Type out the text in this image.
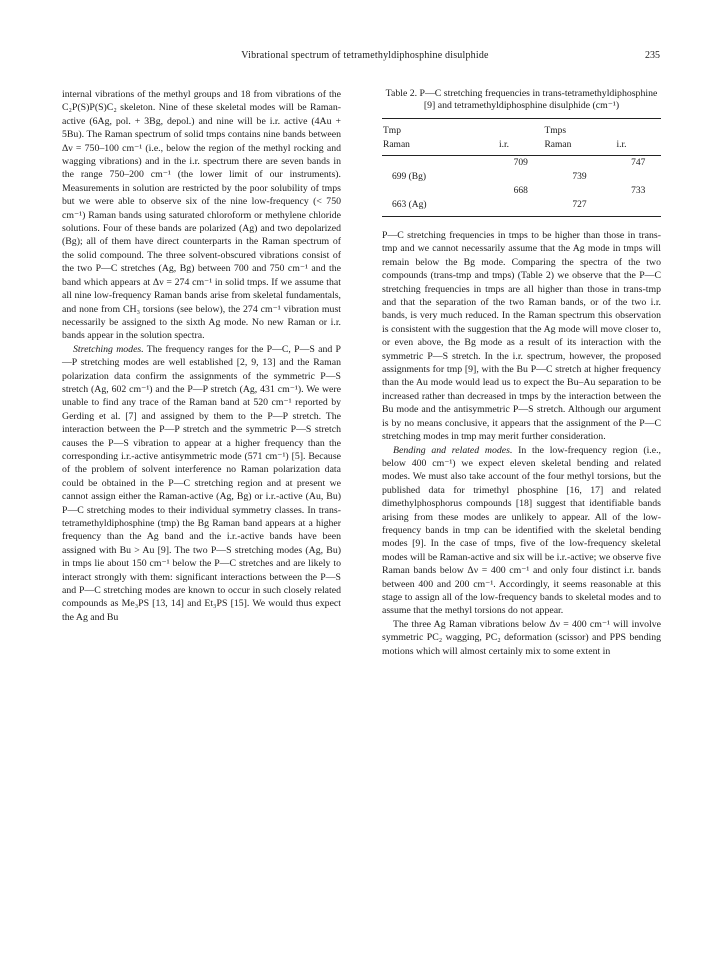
Vibrational spectrum of tetramethyldiphosphine disulphide	235

internal vibrations of the methyl groups and 18 from vibrations of the C₂P(S)P(S)C₂ skeleton. Nine of these skeletal modes will be Raman-active (6Ag, pol. + 3Bg, depol.) and nine will be i.r. active (4Au + 5Bu). The Raman spectrum of solid tmps contains nine bands between Δν = 750–100 cm⁻¹ (i.e., below the region of the methyl rocking and wagging vibrations) and in the i.r. spectrum there are seven bands in the range 750–200 cm⁻¹ (the lower limit of our instruments). Measurements in solution are restricted by the poor solubility of tmps but we were able to observe six of the nine low-frequency (< 750 cm⁻¹) Raman bands using saturated chloroform or methylene chloride solutions. Four of these bands are polarized (Ag) and two depolarized (Bg); all of them have direct counterparts in the Raman spectrum of the solid compound. The three solvent-obscured vibrations consist of the two P—C stretches (Ag, Bg) between 700 and 750 cm⁻¹ and the band which appears at Δν = 274 cm⁻¹ in solid tmps. If we assume that all nine low-frequency Raman bands arise from skeletal fundamentals, and none from CH₃ torsions (see below), the 274 cm⁻¹ vibration must necessarily be assigned to the sixth Ag mode. No new Raman or i.r. bands appear in the solution spectra.

Stretching modes. The frequency ranges for the P—C, P—S and P—P stretching modes are well established [2, 9, 13] and the Raman polarization data confirm the assignments of the symmetric P—S stretch (Ag, 602 cm⁻¹) and the P—P stretch (Ag, 431 cm⁻¹). We were unable to find any trace of the Raman band at 520 cm⁻¹ reported by Gerding et al. [7] and assigned by them to the P—P stretch. The interaction between the P—P stretch and the symmetric P—S stretch causes the P—S vibration to appear at a higher frequency than the corresponding i.r.-active antisymmetric mode (571 cm⁻¹) [5]. Because of the problem of solvent interference no Raman polarization data could be obtained in the P—C stretching region and at present we cannot assign either the Raman-active (Ag, Bg) or i.r.-active (Au, Bu) P—C stretching modes to their individual symmetry classes. In trans-tetramethyldiphosphine (tmp) the Bg Raman band appears at a higher frequency than the Ag band and the i.r.-active bands have been assigned with Bu > Au [9]. The two P—S stretching modes (Ag, Bu) in tmps lie about 150 cm⁻¹ below the P—C stretches and are likely to interact strongly with them: significant interactions between the P—S and P—C stretching modes are known to occur in such closely related compounds as Me₃PS [13, 14] and Et₃PS [15]. We would thus expect the Ag and Bu

Table 2. P—C stretching frequencies in trans-tetramethyldiphosphine [9] and tetramethyldiphosphine disulphide (cm⁻¹)
Tmp		Tmps	
Raman	i.r.	Raman	i.r.
	709		747
699 (Bg)		739	
	668		733
663 (Ag)		727	

P—C stretching frequencies in tmps to be higher than those in trans-tmp and we cannot necessarily assume that the Ag mode in tmps will remain below the Bg mode. Comparing the spectra of the two compounds (trans-tmp and tmps) (Table 2) we observe that the P—C stretching frequencies in tmps are all higher than those in trans-tmp and that the separation of the two Raman bands, or of the two i.r. bands, is very much reduced. In the Raman spectrum this observation is consistent with the suggestion that the Ag mode will move closer to, or even above, the Bg mode as a result of its interaction with the symmetric P—S stretch. In the i.r. spectrum, however, the proposed assignments for tmp [9], with the Bu P—C stretch at higher frequency than the Au mode would lead us to expect the Bu–Au separation to be increased rather than decreased in tmps by the interaction between the Bu mode and the antisymmetric P—S stretch. Although our argument is by no means conclusive, it appears that the assignment of the P—C stretching modes in tmp may merit further consideration.

Bending and related modes. In the low-frequency region (i.e., below 400 cm⁻¹) we expect eleven skeletal bending and related modes. We must also take account of the four methyl torsions, but the published data for trimethyl phosphine [16, 17] and related dimethylphosphorus compounds [18] suggest that identifiable bands arising from these modes are unlikely to appear. All of the low-frequency bands in tmp can be identified with the skeletal bending modes [9]. In the case of tmps, five of the low-frequency skeletal modes will be Raman-active and six will be i.r.-active; we observe five Raman bands below Δν = 400 cm⁻¹ and only four distinct i.r. bands between 400 and 200 cm⁻¹. Accordingly, it seems reasonable at this stage to assign all of the low-frequency bands to skeletal modes and to assume that the methyl torsions do not appear.

The three Ag Raman vibrations below Δν = 400 cm⁻¹ will involve symmetric PC₂ wagging, PC₂ deformation (scissor) and PPS bending motions which will almost certainly mix to some extent in
